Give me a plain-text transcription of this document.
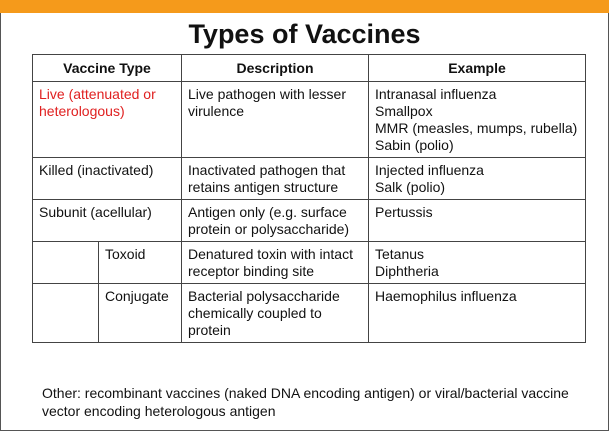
Types of Vaccines
Vaccine Type		Description	Example
Live (attenuated or heterologous)		Live pathogen with lesser virulence	Intranasal influenza
Smallpox
MMR (measles, mumps, rubella)
Sabin (polio)

Killed (inactivated)		Inactivated pathogen that retains antigen structure	Injected influenza
Salk (polio)

Subunit (acellular)		Antigen only (e.g. surface protein or polysaccharide)	Pertussis

	Toxoid	Denatured toxin with intact receptor binding site	Tetanus
Diphtheria

	Conjugate	Bacterial polysaccharide chemically coupled to protein	Haemophilus influenza
Other: recombinant vaccines (naked DNA encoding antigen) or viral/bacterial vaccine vector encoding heterologous antigen
